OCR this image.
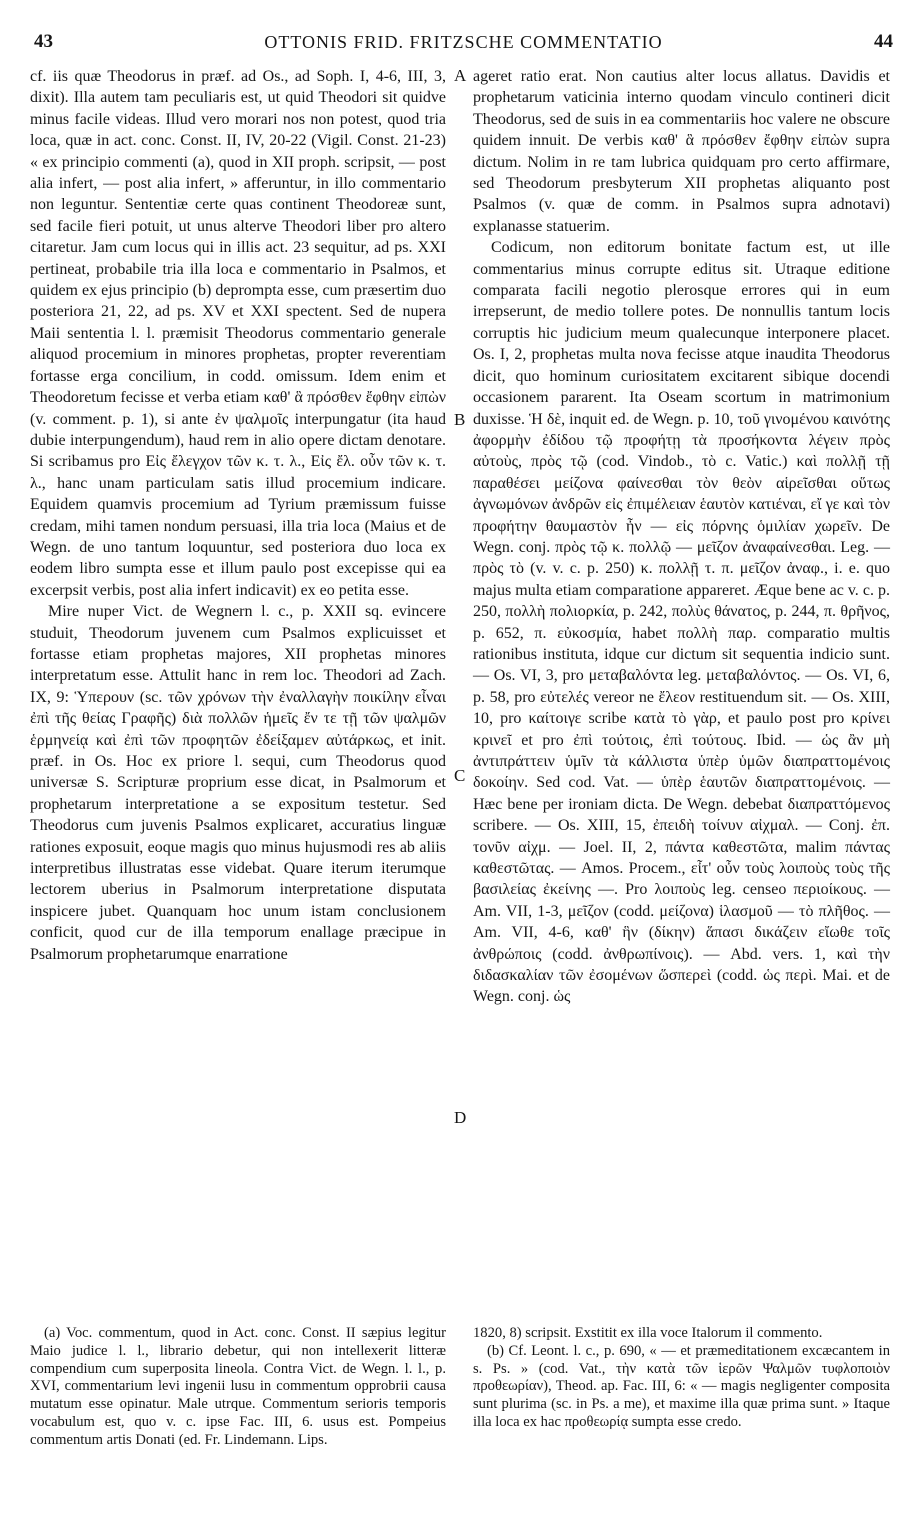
43	OTTONIS FRID. FRITZSCHE COMMENTATIO	44
A
B
C
D

cf. iis quæ Theodorus in præf. ad Os., ad Soph. I, 4-6, III, 3, dixit). Illa autem tam peculiaris est, ut quid Theodori sit quidve minus facile videas. Illud vero morari nos non potest, quod tria loca, quæ in act. conc. Const. II, IV, 20-22 (Vigil. Const. 21-23) « ex principio commenti (a), quod in XII proph. scripsit, — post alia infert, — post alia infert, » afferuntur, in illo commentario non leguntur. Sententiæ certe quas continent Theodoreæ sunt, sed facile fieri potuit, ut unus alterve Theodori liber pro altero citaretur. Jam cum locus qui in illis act. 23 sequitur, ad ps. XXI pertineat, probabile tria illa loca e commentario in Psalmos, et quidem ex ejus principio (b) deprompta esse, cum præsertim duo posteriora 21, 22, ad ps. XV et XXI spectent. Sed de nupera Maii sententia l. l. præmisit Theodorus commentario generale aliquod procemium in minores prophetas, propter reverentiam fortasse erga concilium, in codd. omissum. Idem enim et Theodoretum fecisse et verba etiam καθ' ἃ πρόσθεν ἔφθην εἰπὼν (v. comment. p. 1), si ante ἐν ψαλμοῖς interpungatur (ita haud dubie interpungendum), haud rem in alio opere dictam denotare. Si scribamus pro Εἰς ἔλεγχον τῶν κ. τ. λ., Εἰς ἔλ. οὖν τῶν κ. τ. λ., hanc unam particulam satis illud procemium indicare. Equidem quamvis procemium ad Tyrium præmissum fuisse credam, mihi tamen nondum persuasi, illa tria loca (Maius et de Wegn. de uno tantum loquuntur, sed posteriora duo loca ex eodem libro sumpta esse et illum paulo post excepisse qui ea excerpsit verbis, post alia infert indicavit) ex eo petita esse.

Mire nuper Vict. de Wegnern l. c., p. XXII sq. evincere studuit, Theodorum juvenem cum Psalmos explicuisset et fortasse etiam prophetas majores, XII prophetas minores interpretatum esse. Attulit hanc in rem loc. Theodori ad Zach. IX, 9: Ὑπερουν (sc. τῶν χρόνων τὴν ἐναλλαγὴν ποικίλην εἶναι ἐπὶ τῆς θείας Γραφῆς) διὰ πολλῶν ἡμεῖς ἔν τε τῇ τῶν ψαλμῶν ἑρμηνείᾳ καὶ ἐπὶ τῶν προφητῶν ἐδείξαμεν αὐτάρκως, et init. præf. in Os. Hoc ex priore l. sequi, cum Theodorus quod universæ S. Scripturæ proprium esse dicat, in Psalmorum et prophetarum interpretatione a se expositum testetur. Sed Theodorus cum juvenis Psalmos explicaret, accuratius linguæ rationes exposuit, eoque magis quo minus hujusmodi res ab aliis interpretibus illustratas esse videbat. Quare iterum iterumque lectorem uberius in Psalmorum interpretatione disputata inspicere jubet. Quanquam hoc unum istam conclusionem conficit, quod cur de illa temporum enallage præcipue in Psalmorum prophetarumque enarratione

ageret ratio erat. Non cautius alter locus allatus. Davidis et prophetarum vaticinia interno quodam vinculo contineri dicit Theodorus, sed de suis in ea commentariis hoc valere ne obscure quidem innuit. De verbis καθ' ἃ πρόσθεν ἔφθην εἰπὼν supra dictum. Nolim in re tam lubrica quidquam pro certo affirmare, sed Theodorum presbyterum XII prophetas aliquanto post Psalmos (v. quæ de comm. in Psalmos supra adnotavi) explanasse statuerim.

Codicum, non editorum bonitate factum est, ut ille commentarius minus corrupte editus sit. Utraque editione comparata facili negotio plerosque errores qui in eum irrepserunt, de medio tollere potes. De nonnullis tantum locis corruptis hic judicium meum qualecunque interponere placet. Os. I, 2, prophetas multa nova fecisse atque inaudita Theodorus dicit, quo hominum curiositatem excitarent sibique docendi occasionem pararent. Ita Oseam scortum in matrimonium duxisse. Ἡ δὲ, inquit ed. de Wegn. p. 10, τοῦ γινομένου καινότης ἀφορμὴν ἐδίδου τῷ προφήτῃ τὰ προσήκοντα λέγειν πρὸς αὐτοὺς, πρὸς τῷ (cod. Vindob., τὸ c. Vatic.) καὶ πολλῇ τῇ παραθέσει μείζονα φαίνεσθαι τὸν θεὸν αἱρεῖσθαι οὕτως ἀγνωμόνων ἀνδρῶν εἰς ἐπιμέλειαν ἑαυτὸν κατιέναι, εἴ γε καὶ τὸν προφήτην θαυμαστὸν ἦν — εἰς πόρνης ὁμιλίαν χωρεῖν. De Wegn. conj. πρὸς τῷ κ. πολλῷ — μεῖζον ἀναφαίνεσθαι. Leg. — πρὸς τὸ (v. v. c. p. 250) κ. πολλῇ τ. π. μεῖζον ἀναφ., i. e. quo majus multa etiam comparatione appareret. Æque bene ac v. c. p. 250, πολλὴ πολιορκία, p. 242, πολὺς θάνατος, p. 244, π. θρῆνος, p. 652, π. εὐκοσμία, habet πολλὴ παρ. comparatio multis rationibus instituta, idque cur dictum sit sequentia indicio sunt. — Os. VI, 3, pro μεταβαλόντα leg. μεταβαλόντος. — Os. VI, 6, p. 58, pro εὐτελές vereor ne ἔλεον restituendum sit. — Os. XIII, 10, pro καίτοιγε scribe κατὰ τὸ γὰρ, et paulo post pro κρίνει κρινεῖ et pro ἐπὶ τούτοις, ἐπὶ τούτους. Ibid. — ὡς ἂν μὴ ἀντιπράττειν ὑμῖν τὰ κάλλιστα ὑπὲρ ὑμῶν διαπραττομένοις δοκοίην. Sed cod. Vat. — ὑπὲρ ἑαυτῶν διαπραττομένοις. — Hæc bene per ironiam dicta. De Wegn. debebat διαπραττόμενος scribere. — Os. XIII, 15, ἐπειδὴ τοίνυν αἰχμαλ. — Conj. ἐπ. τονῦν αἰχμ. — Joel. II, 2, πάντα καθεστῶτα, malim πάντας καθεστῶτας. — Amos. Procem., εἶτ' οὖν τοὺς λοιποὺς τοὺς τῆς βασιλείας ἐκείνης —. Pro λοιποὺς leg. censeo περιοίκους. — Am. VII, 1-3, μεῖζον (codd. μείζονα) ἱλασμοῦ — τὸ πλῆθος. — Am. VII, 4-6, καθ' ἣν (δίκην) ἅπασι δικάζειν εἴωθε τοῖς ἀνθρώποις (codd. ἀνθρωπίνοις). — Abd. vers. 1, καὶ τὴν διδασκαλίαν τῶν ἐσομένων ὥσπερεὶ (codd. ὡς περὶ. Mai. et de Wegn. conj. ὡς

(a) Voc. commentum, quod in Act. conc. Const. II sæpius legitur Maio judice l. l., librario debetur, qui non intellexerit litteræ compendium cum superposita lineola. Contra Vict. de Wegn. l. l., p. XVI, commentarium levi ingenii lusu in commentum opprobrii causa mutatum esse opinatur. Male utrque. Commentum serioris temporis vocabulum est, quo v. c. ipse Fac. III, 6. usus est. Pompeius commentum artis Donati (ed. Fr. Lindemann. Lips.

1820, 8) scripsit. Exstitit ex illa voce Italorum il commento.

(b) Cf. Leont. l. c., p. 690, « — et præmeditationem excæcantem in s. Ps. » (cod. Vat., τὴν κατὰ τῶν ἱερῶν Ψαλμῶν τυφλοποιὸν προθεωρίαν), Theod. ap. Fac. III, 6: « — magis negligenter composita sunt plurima (sc. in Ps. a me), et maxime illa quæ prima sunt. » Itaque illa loca ex hac προθεωρίᾳ sumpta esse credo.
